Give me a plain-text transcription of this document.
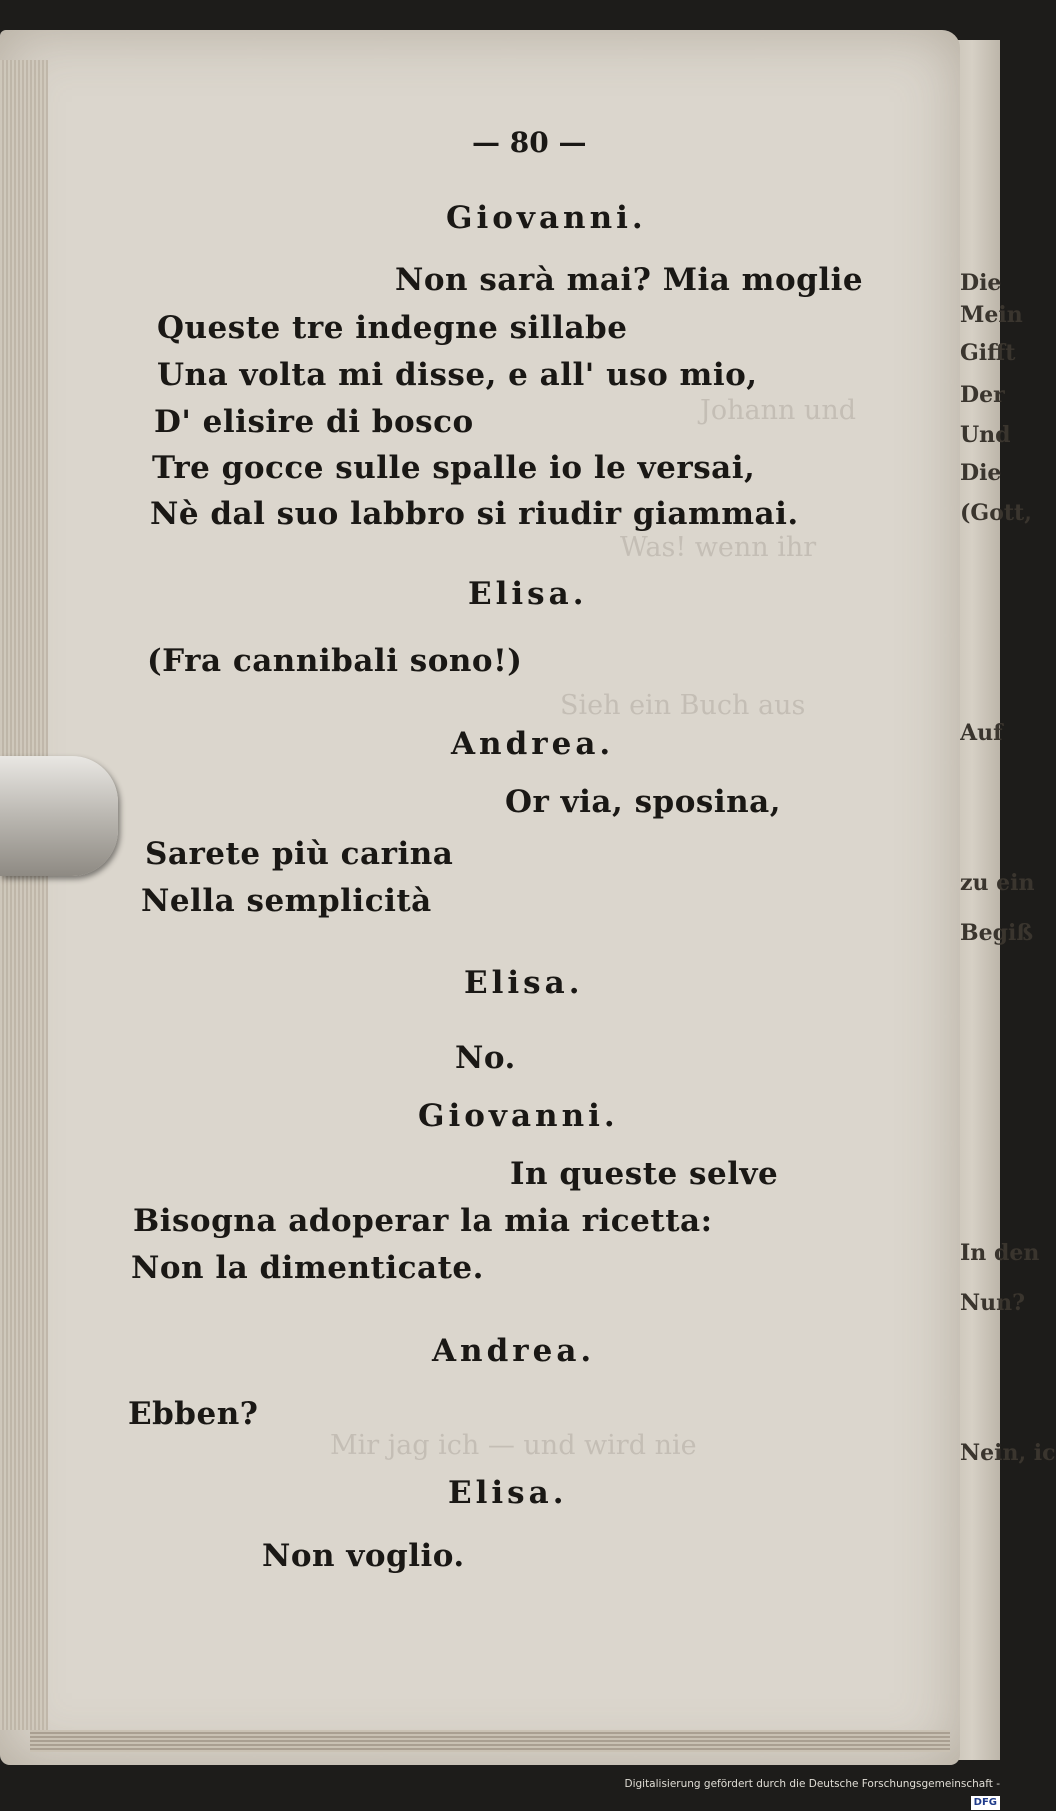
Die
Mein
Gifft
Der
Und
Die
(Gott,
Auf
zu ein
Begiß
In den
Nun?
Nein, ic
Johann und
Was! wenn ihr
Sieh ein Buch aus
Mir jag ich — und wird nie
— 80 —
Giovanni.
Non sarà mai? Mia moglie
Queste tre indegne sillabe
Una volta mi disse, e all' uso mio,
D' elisire di bosco
Tre gocce sulle spalle io le versai,
Nè dal suo labbro si riudir giammai.
Elisa.
(Fra cannibali sono!)
Andrea.
Or via, sposina,
Sarete più carina
Nella semplicità
Elisa.
No.
Giovanni.
In queste selve
Bisogna adoperar la mia ricetta:
Non la dimenticate.
Andrea.
Ebben?
Elisa.
Non voglio.
Digitalisierung gefördert durch die Deutsche Forschungsgemeinschaft - DFG
